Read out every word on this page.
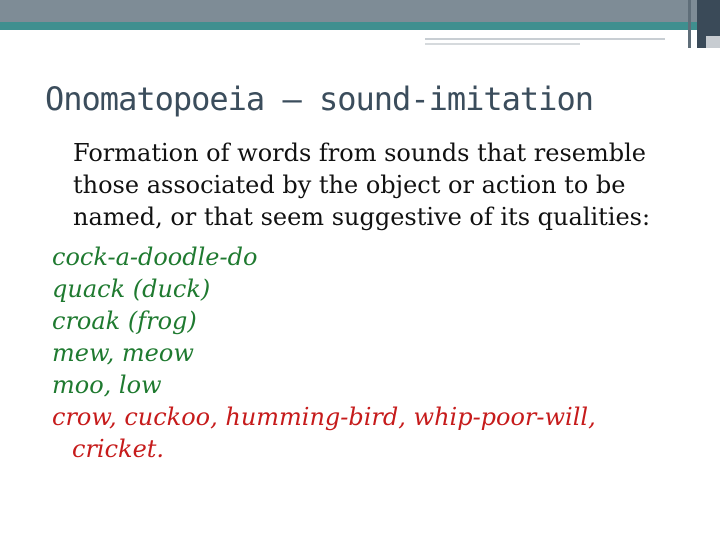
Onomatopoeia – sound-imitation

Formation of words from sounds that resemble those associated by the object or action to be named, or that seem suggestive of its qualities:

cock-a-doodle-do
quack (duck)
croak (frog)
mew, meow
moo, low
crow, cuckoo, humming-bird, whip-poor-will,
cricket.
